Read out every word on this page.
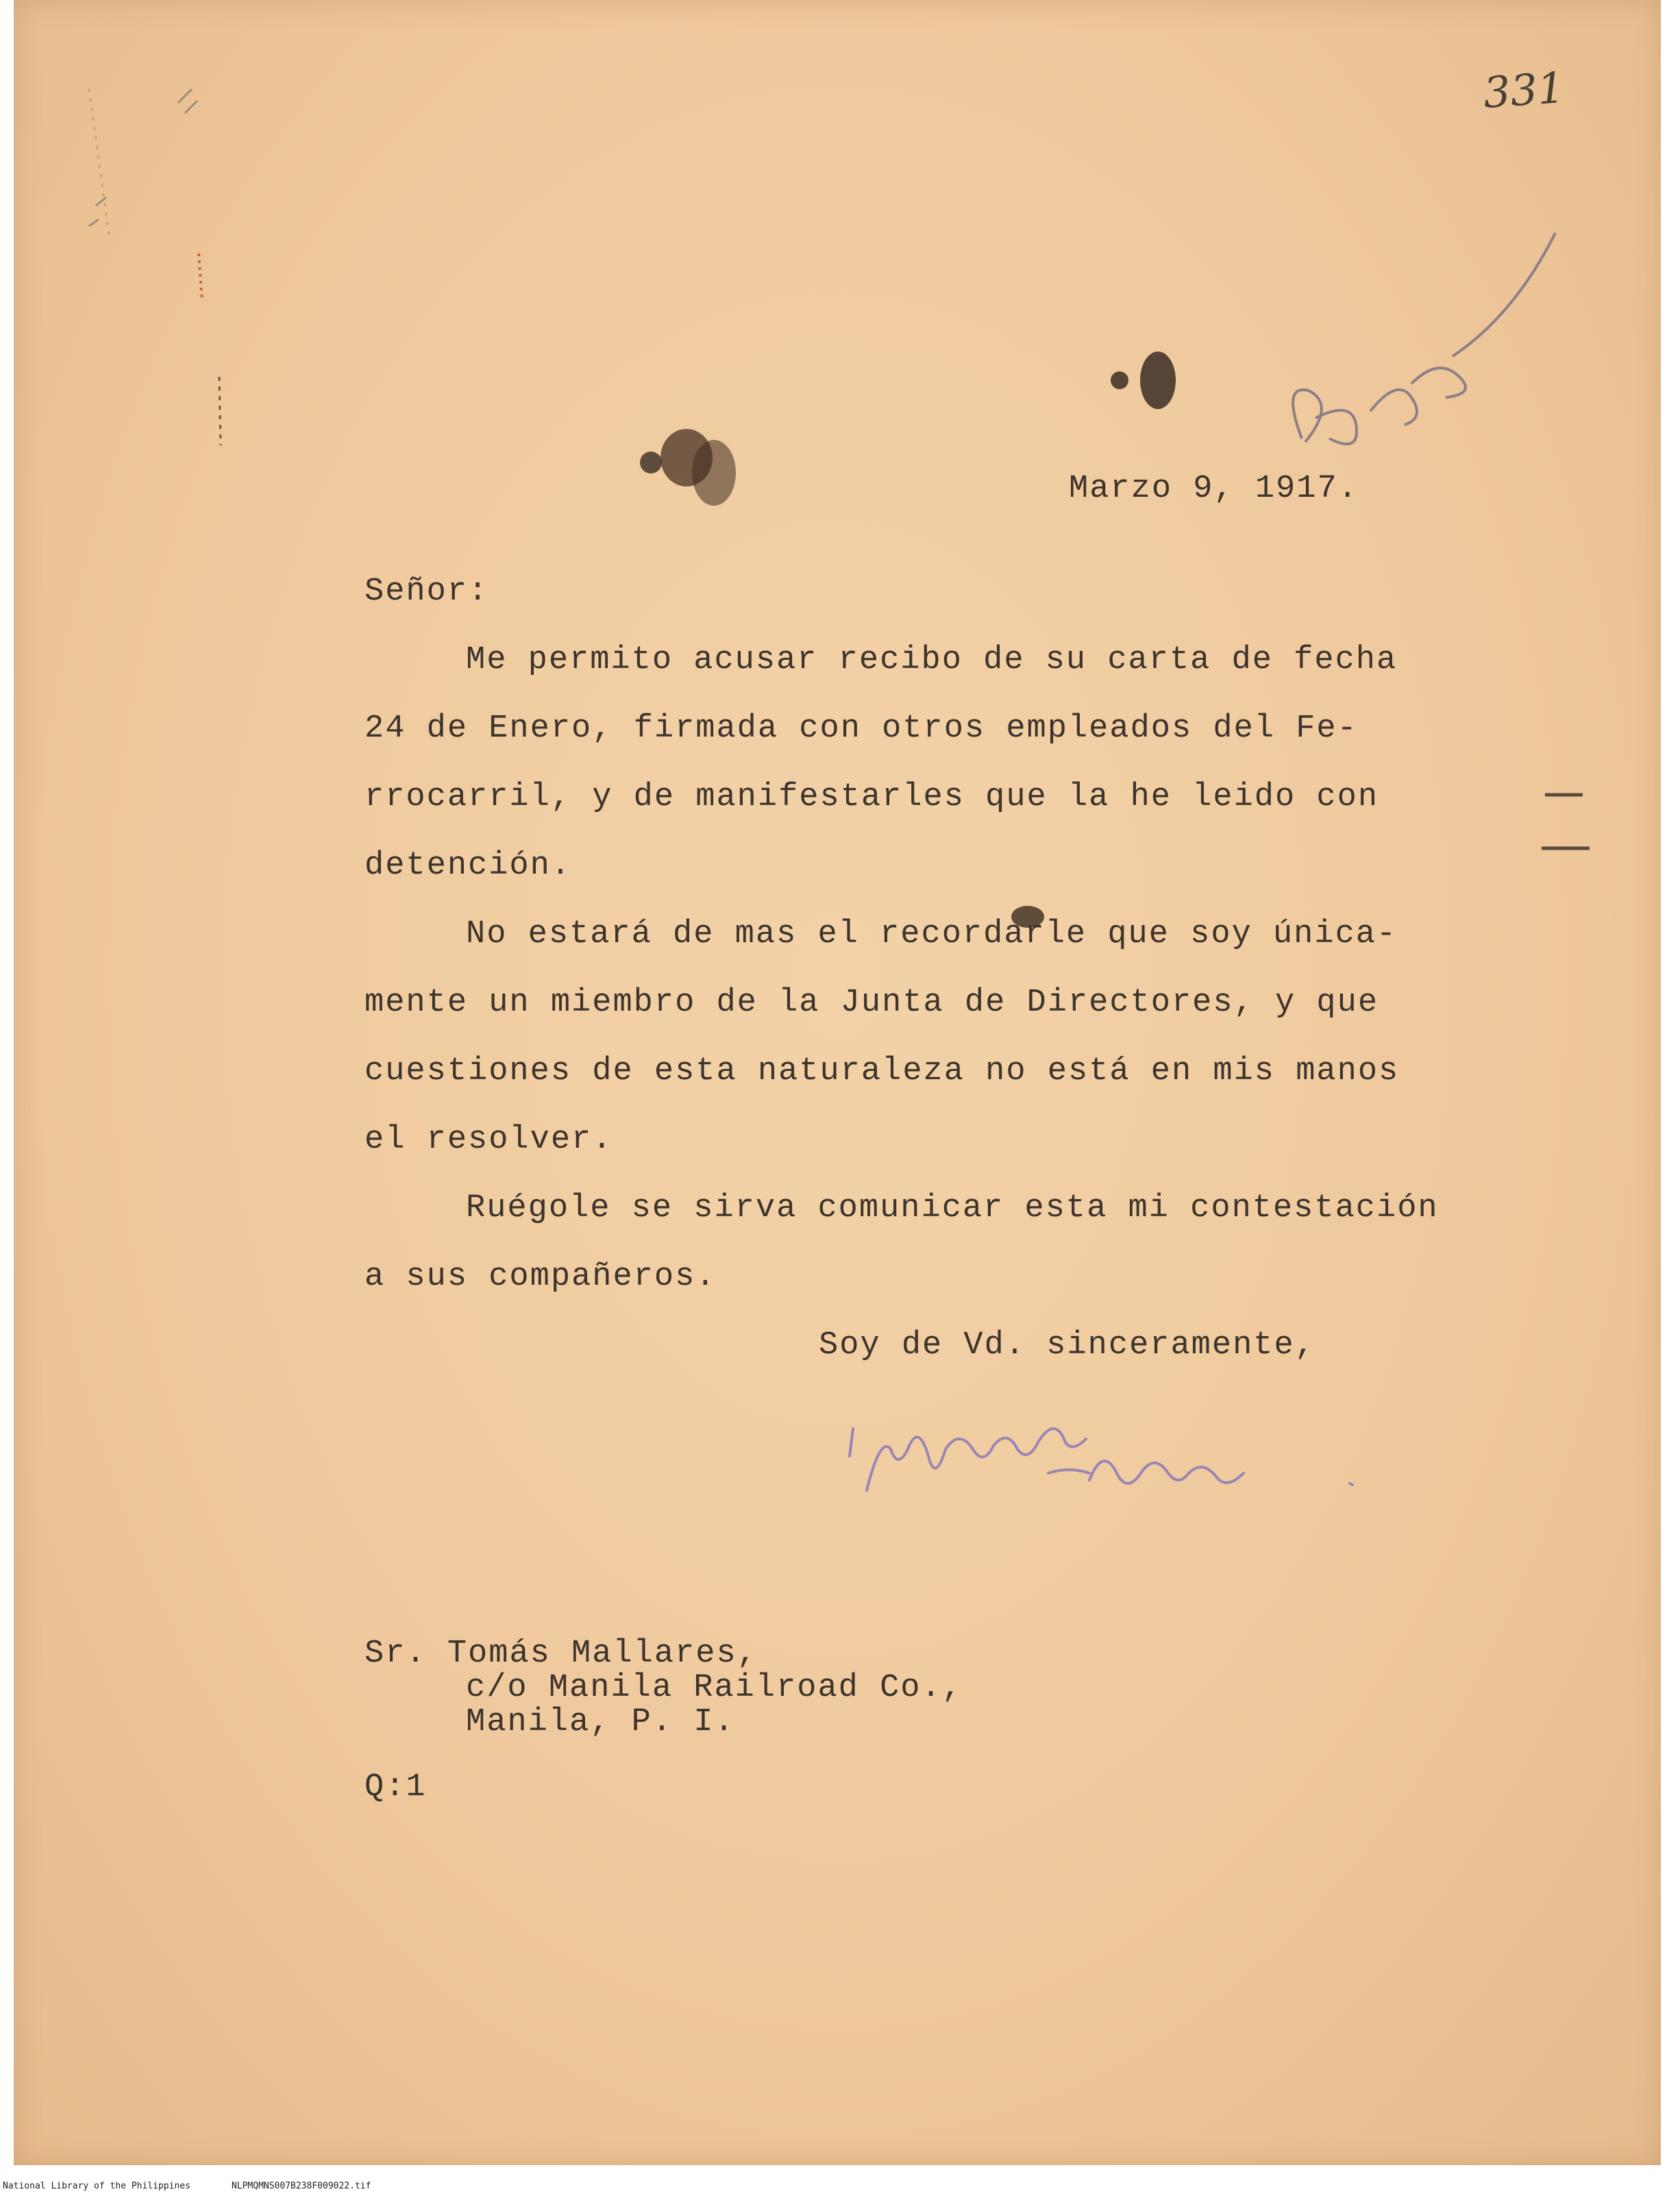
331
Marzo 9, 1917.
Señor:
Me permito acusar recibo de su carta de fecha
24 de Enero, firmada con otros empleados del Fe-
rrocarril, y de manifestarles que la he leido con
detención.
No estará de mas el recordarle que soy única-
mente un miembro de la Junta de Directores, y que
cuestiones de esta naturaleza no está en mis manos
el resolver.
Ruégole se sirva comunicar esta mi contestación
a sus compañeros.
Soy de Vd. sinceramente,
Sr. Tomás Mallares,
c/o Manila Railroad Co.,
Manila, P. I.
Q:1
National Library of the Philippines	NLPMQMNS007B238F009022.tif
